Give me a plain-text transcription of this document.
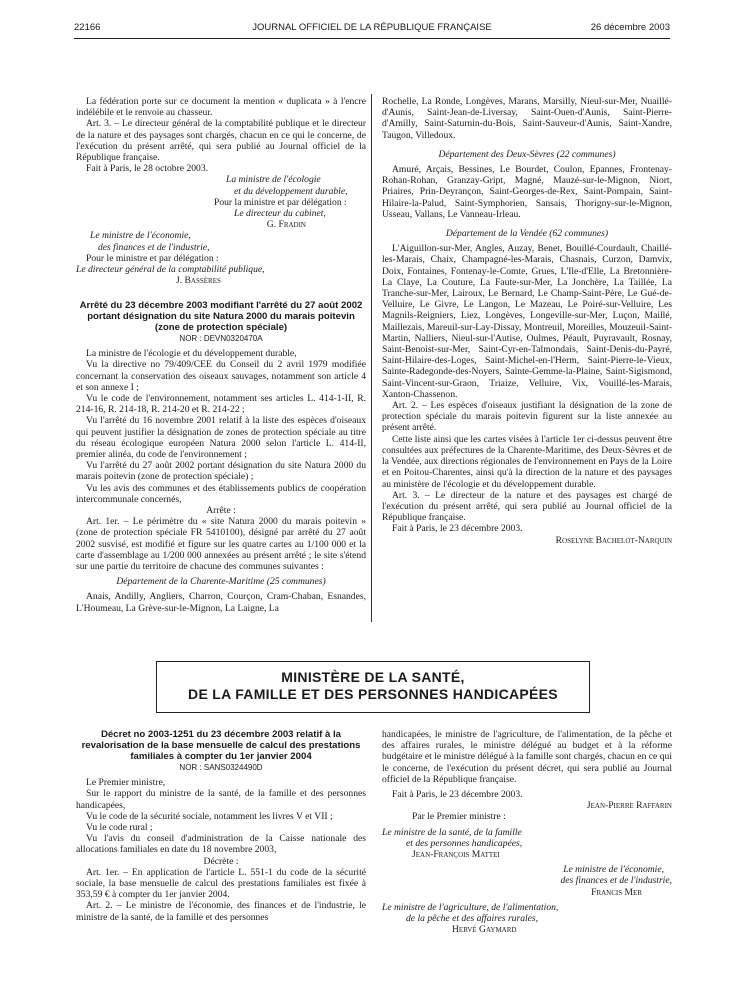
22166	JOURNAL OFFICIEL DE LA RÉPUBLIQUE FRANÇAISE	26 décembre 2003

La fédération porte sur ce document la mention « duplicata » à l'encre indélébile et le renvoie au chasseur.

Art. 3. – Le directeur général de la comptabilité publique et le directeur de la nature et des paysages sont chargés, chacun en ce qui le concerne, de l'exécution du présent arrêté, qui sera publié au Journal officiel de la République française.

Fait à Paris, le 28 octobre 2003.

La ministre de l'écologie

et du développement durable,

Pour la ministre et par délégation :

Le directeur du cabinet,

G. Fradin

Le ministre de l'économie,

des finances et de l'industrie,

Pour le ministre et par délégation :

Le directeur général de la comptabilité publique,

J. Bassères

Arrêté du 23 décembre 2003 modifiant l'arrêté du 27 août 2002 portant désignation du site Natura 2000 du marais poitevin (zone de protection spéciale)

NOR : DEVN0320470A

La ministre de l'écologie et du développement durable,

Vu la directive no 79/409/CEE du Conseil du 2 avril 1979 modifiée concernant la conservation des oiseaux sauvages, notamment son article 4 et son annexe I ;

Vu le code de l'environnement, notamment ses articles L. 414-1-II, R. 214-16, R. 214-18, R. 214-20 et R. 214-22 ;

Vu l'arrêté du 16 novembre 2001 relatif à la liste des espèces d'oiseaux qui peuvent justifier la désignation de zones de protection spéciale au titre du réseau écologique européen Natura 2000 selon l'article L. 414-II, premier alinéa, du code de l'environnement ;

Vu l'arrêté du 27 août 2002 portant désignation du site Natura 2000 du marais poitevin (zone de protection spéciale) ;

Vu les avis des communes et des établissements publics de coopération intercommunale concernés,

Arrête :

Art. 1er. – Le périmètre du « site Natura 2000 du marais poitevin » (zone de protection spéciale FR 5410100), désigné par arrêté du 27 août 2002 susvisé, est modifié et figure sur les quatre cartes au 1/100 000 et la carte d'assemblage au 1/200 000 annexées au présent arrêté ; le site s'étend sur une partie du territoire de chacune des communes suivantes :

Département de la Charente-Maritime (25 communes)

Anais, Andilly, Angliers, Charron, Courçon, Cram-Chaban, Esnandes, L'Houmeau, La Grève-sur-le-Mignon, La Laigne, La

Rochelle, La Ronde, Longèves, Marans, Marsilly, Nieul-sur-Mer, Nuaillé-d'Aunis, Saint-Jean-de-Liversay, Saint-Ouen-d'Aunis, Saint-Pierre-d'Amilly, Saint-Saturnin-du-Bois, Saint-Sauveur-d'Aunis, Saint-Xandre, Taugon, Villedoux.

Département des Deux-Sèvres (22 communes)

Amuré, Arçais, Bessines, Le Bourdet, Coulon, Epannes, Frontenay-Rohan-Rohan, Granzay-Gript, Magné, Mauzé-sur-le-Mignon, Niort, Priaires, Prin-Deyrançon, Saint-Georges-de-Rex, Saint-Pompain, Saint-Hilaire-la-Palud, Saint-Symphorien, Sansais, Thorigny-sur-le-Mignon, Usseau, Vallans, Le Vanneau-Irleau.

Département de la Vendée (62 communes)

L'Aiguillon-sur-Mer, Angles, Auzay, Benet, Bouillé-Courdault, Chaillé-les-Marais, Chaix, Champagné-les-Marais, Chasnais, Curzon, Damvix, Doix, Fontaines, Fontenay-le-Comte, Grues, L'Ile-d'Elle, La Bretonnière-La Claye, La Couture, La Faute-sur-Mer, La Jonchère, La Taillée, La Tranche-sur-Mer, Lairoux, Le Bernard, Le Champ-Saint-Père, Le Gué-de-Velluire, Le Givre, Le Langon, Le Mazeau, Le Poiré-sur-Velluire, Les Magnils-Reigniers, Liez, Longèves, Longeville-sur-Mer, Luçon, Maillé, Maillezais, Mareuil-sur-Lay-Dissay, Montreuil, Moreilles, Mouzeuil-Saint-Martin, Nalliers, Nieul-sur-l'Autise, Oulmes, Péault, Puyravault, Rosnay, Saint-Benoist-sur-Mer, Saint-Cyr-en-Talmondais, Saint-Denis-du-Payré, Saint-Hilaire-des-Loges, Saint-Michel-en-l'Herm, Saint-Pierre-le-Vieux, Sainte-Radegonde-des-Noyers, Sainte-Gemme-la-Plaine, Saint-Sigismond, Saint-Vincent-sur-Graon, Triaize, Velluire, Vix, Vouillé-les-Marais, Xanton-Chassenon.

Art. 2. – Les espèces d'oiseaux justifiant la désignation de la zone de protection spéciale du marais poitevin figurent sur la liste annexée au présent arrêté.

Cette liste ainsi que les cartes visées à l'article 1er ci-dessus peuvent être consultées aux préfectures de la Charente-Maritime, des Deux-Sèvres et de la Vendée, aux directions régionales de l'environnement en Pays de la Loire et en Poitou-Charentes, ainsi qu'à la direction de la nature et des paysages au ministère de l'écologie et du développement durable.

Art. 3. – Le directeur de la nature et des paysages est chargé de l'exécution du présent arrêté, qui sera publié au Journal officiel de la République française.

Fait à Paris, le 23 décembre 2003.

Roselyne Bachelot-Narquin

MINISTÈRE DE LA SANTÉ,
DE LA FAMILLE ET DES PERSONNES HANDICAPÉES

Décret no 2003-1251 du 23 décembre 2003 relatif à la revalorisation de la base mensuelle de calcul des prestations familiales à compter du 1er janvier 2004

NOR : SANS0324490D

Le Premier ministre,

Sur le rapport du ministre de la santé, de la famille et des personnes handicapées,

Vu le code de la sécurité sociale, notamment les livres V et VII ;

Vu le code rural ;

Vu l'avis du conseil d'administration de la Caisse nationale des allocations familiales en date du 18 novembre 2003,

Décrète :

Art. 1er. – En application de l'article L. 551-1 du code de la sécurité sociale, la base mensuelle de calcul des prestations familiales est fixée à 353,59 € à compter du 1er janvier 2004.

Art. 2. – Le ministre de l'économie, des finances et de l'industrie, le ministre de la santé, de la famille et des personnes

handicapées, le ministre de l'agriculture, de l'alimentation, de la pêche et des affaires rurales, le ministre délégué au budget et à la réforme budgétaire et le ministre délégué à la famille sont chargés, chacun en ce qui le concerne, de l'exécution du présent décret, qui sera publié au Journal officiel de la République française.

Fait à Paris, le 23 décembre 2003.

Jean-Pierre Raffarin

Par le Premier ministre :

Le ministre de la santé, de la famille

et des personnes handicapées,

Jean-François Mattei

Le ministre de l'économie,

des finances et de l'industrie,

Francis Mer

Le ministre de l'agriculture, de l'alimentation,

de la pêche et des affaires rurales,

Hervé Gaymard
